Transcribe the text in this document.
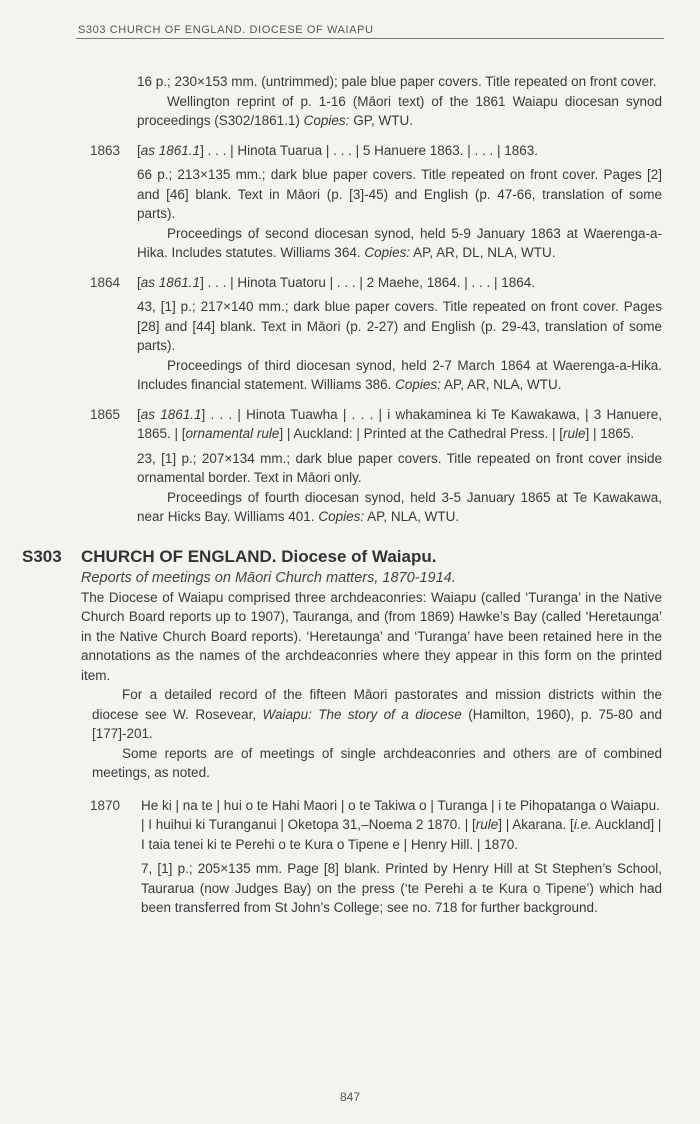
S303 CHURCH OF ENGLAND. DIOCESE OF WAIAPU

16 p.; 230×153 mm. (untrimmed); pale blue paper covers. Title repeated on front cover.

Wellington reprint of p. 1-16 (Māori text) of the 1861 Waiapu diocesan synod proceedings (S302/1861.1) Copies: GP, WTU.

1863 [as 1861.1] . . . | Hinota Tuarua | . . . | 5 Hanuere 1863. | . . . | 1863.

66 p.; 213×135 mm.; dark blue paper covers. Title repeated on front cover. Pages [2] and [46] blank. Text in Māori (p. [3]-45) and English (p. 47-66, translation of some parts).

Proceedings of second diocesan synod, held 5-9 January 1863 at Waerenga-a-Hika. Includes statutes. Williams 364. Copies: AP, AR, DL, NLA, WTU.

1864 [as 1861.1] . . . | Hinota Tuatoru | . . . | 2 Maehe, 1864. | . . . | 1864.

43, [1] p.; 217×140 mm.; dark blue paper covers. Title repeated on front cover. Pages [28] and [44] blank. Text in Māori (p. 2-27) and English (p. 29-43, translation of some parts).

Proceedings of third diocesan synod, held 2-7 March 1864 at Waerenga-a-Hika. Includes financial statement. Williams 386. Copies: AP, AR, NLA, WTU.

1865 [as 1861.1] . . . | Hinota Tuawha | . . . | i whakaminea ki Te Kawakawa, | 3 Hanuere, 1865. | [ornamental rule] | Auckland: | Printed at the Cathedral Press. | [rule] | 1865.

23, [1] p.; 207×134 mm.; dark blue paper covers. Title repeated on front cover inside ornamental border. Text in Māori only.

Proceedings of fourth diocesan synod, held 3-5 January 1865 at Te Kawakawa, near Hicks Bay. Williams 401. Copies: AP, NLA, WTU.

S303 CHURCH OF ENGLAND. Diocese of Waiapu.
Reports of meetings on Māori Church matters, 1870-1914.

The Diocese of Waiapu comprised three archdeaconries: Waiapu (called ‘Turanga’ in the Native Church Board reports up to 1907), Tauranga, and (from 1869) Hawke’s Bay (called ‘Heretaunga’ in the Native Church Board reports). ‘Heretaunga’ and ‘Turanga’ have been retained here in the annotations as the names of the archdeaconries where they appear in this form on the printed item.

For a detailed record of the fifteen Māori pastorates and mission districts within the diocese see W. Rosevear, Waiapu: The story of a diocese (Hamilton, 1960), p. 75-80 and [177]-201.

Some reports are of meetings of single archdeaconries and others are of combined meetings, as noted.

1870 He ki | na te | hui o te Hahi Maori | o te Takiwa o | Turanga | i te Pihopatanga o Waiapu. | I huihui ki Turanganui | Oketopa 31,–Noema 2 1870. | [rule] | Akarana. [i.e. Auckland] | I taia tenei ki te Perehi o te Kura o Tipene e | Henry Hill. | 1870.

7, [1] p.; 205×135 mm. Page [8] blank. Printed by Henry Hill at St Stephen’s School, Taurarua (now Judges Bay) on the press (‘te Perehi a te Kura o Tipene’) which had been transferred from St John’s College; see no. 718 for further background.

847
